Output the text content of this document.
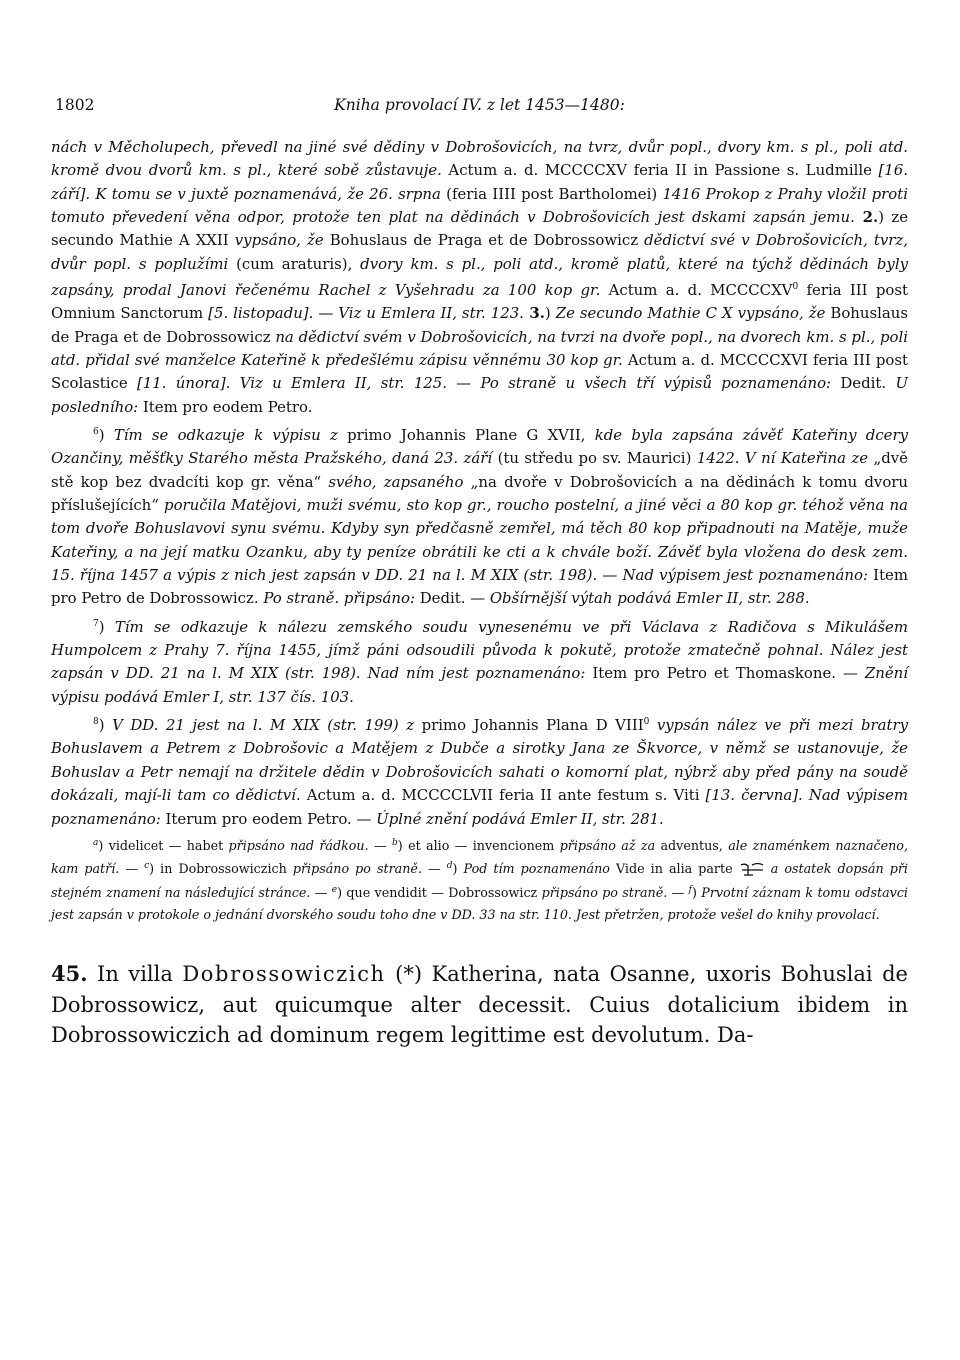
1802	Kniha provolací IV. z let 1453—1480:

nách v Měcholupech, převedl na jiné své dědiny v Dobrošovicích, na tvrz, dvůr popl., dvory km. s pl., poli atd. kromě dvou dvorů km. s pl., které sobě zůstavuje. Actum a. d. MCCCCXV feria II in Passione s. Ludmille [16. září]. K tomu se v juxtě poznamenává, že 26. srpna (feria IIII post Bartholomei) 1416 Prokop z Prahy vložil proti tomuto převedení věna odpor, protože ten plat na dědinách v Dobrošovicích jest dskami zapsán jemu. 2.) ze secundo Mathie A XXII vypsáno, že Bohuslaus de Praga et de Dobrossowicz dědictví své v Dobrošovicích, tvrz, dvůr popl. s poplužími (cum araturis), dvory km. s pl., poli atd., kromě platů, které na týchž dědinách byly zapsány, prodal Janovi řečenému Rachel z Vyšehradu za 100 kop gr. Actum a. d. MCCCCXV$^0$ feria III post Omnium Sanctorum [5. listopadu]. — Viz u Emlera II, str. 123. 3.) Ze secundo Mathie C X vypsáno, že Bohuslaus de Praga et de Dobrossowicz na dědictví svém v Dobrošovicích, na tvrzi na dvoře popl., na dvorech km. s pl., poli atd. přidal své manželce Kateřině k předešlému zápisu věnnému 30 kop gr. Actum a. d. MCCCCXVI feria III post Scolastice [11. února]. Viz u Emlera II, str. 125. — Po straně u všech tří výpisů poznamenáno: Dedit. U posledního: Item pro eodem Petro.

$^6$) Tím se odkazuje k výpisu z primo Johannis Plane G XVII, kde byla zapsána závěť Kateřiny dcery Ozančiny, měšťky Starého města Pražského, daná 23. září (tu středu po sv. Maurici) 1422. V ní Kateřina ze „dvě stě kop bez dvadcíti kop gr. věna“ svého, zapsaného „na dvoře v Dobrošovicích a na dědinách k tomu dvoru příslušejících“ poručila Matějovi, muži svému, sto kop gr., roucho postelní, a jiné věci a 80 kop gr. téhož věna na tom dvoře Bohuslavovi synu svému. Kdyby syn předčasně zemřel, má těch 80 kop připadnouti na Matěje, muže Kateřiny, a na její matku Ozanku, aby ty peníze obrátili ke cti a k chvále boží. Závěť byla vložena do desk zem. 15. října 1457 a výpis z nich jest zapsán v DD. 21 na l. M XIX (str. 198). — Nad výpisem jest poznamenáno: Item pro Petro de Dobrossowicz. Po straně. připsáno: Dedit. — Obšírnější výtah podává Emler II, str. 288.

$^7$) Tím se odkazuje k nálezu zemského soudu vynesenému ve při Václava z Radičova s Mikulášem Humpolcem z Prahy 7. října 1455, jímž páni odsoudili původa k pokutě, protože zmatečně pohnal. Nález jest zapsán v DD. 21 na l. M XIX (str. 198). Nad ním jest poznamenáno: Item pro Petro et Thomaskone. — Znění výpisu podává Emler I, str. 137 čís. 103.

$^8$) V DD. 21 jest na l. M XIX (str. 199) z primo Johannis Plana D VIII$^0$ vypsán nález ve při mezi bratry Bohuslavem a Petrem z Dobrošovic a Matějem z Dubče a sirotky Jana ze Škvorce, v němž se ustanovuje, že Bohuslav a Petr nemají na držitele dědin v Dobrošovicích sahati o komorní plat, nýbrž aby před pány na soudě dokázali, mají-li tam co dědictví. Actum a. d. MCCCCLVII feria II ante festum s. Viti [13. června]. Nad výpisem poznamenáno: Iterum pro eodem Petro. — Úplné znění podává Emler II, str. 281.

$^a$) videlicet — habet připsáno nad řádkou. — $^b$) et alio — invencionem připsáno až za adventus, ale znaménkem naznačeno, kam patří. — $^c$) in Dobrossowiczich připsáno po straně. — $^d$) Pod tím poznamenáno Vide in alia parte	a ostatek dopsán při stejném znamení na následující stránce. — $^e$) que vendidit — Dobrossowicz připsáno po straně. — $^f$) Prvotní záznam k tomu odstavci jest zapsán v protokole o jednání dvorského soudu toho dne v DD. 33 na str. 110. Jest přetržen, protože vešel do knihy provolací.

45. In villa Dobrossowiczich (*) Katherina, nata Osanne, uxoris Bohuslai de Dobrossowicz, aut quicumque alter decessit. Cuius dotalicium ibidem in Dobrossowiczich ad dominum regem legittime est devolutum. Da-
